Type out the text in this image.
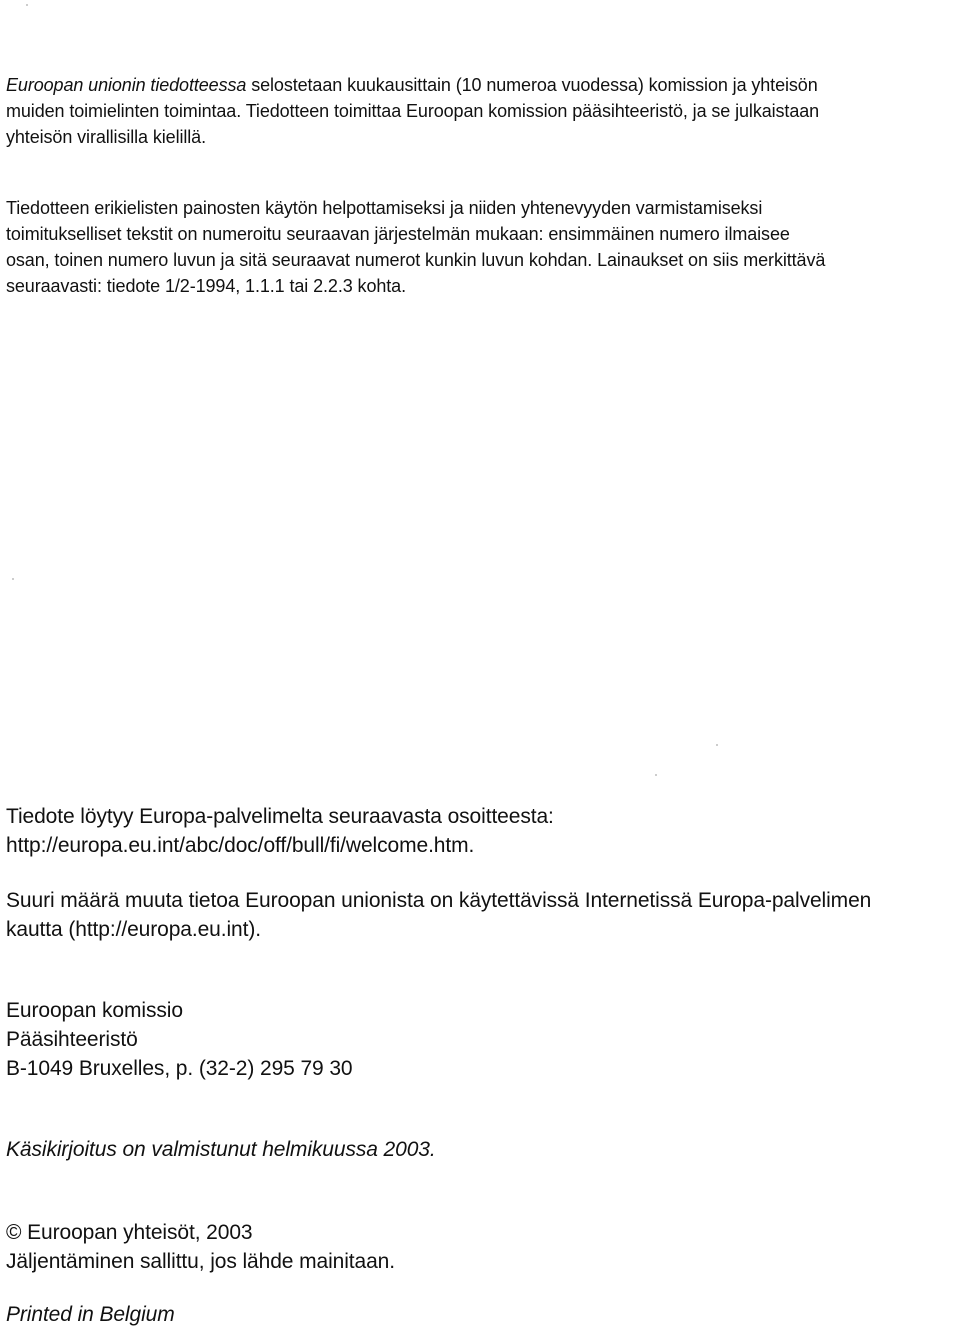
Euroopan unionin tiedotteessa selostetaan kuukausittain (10 numeroa vuodessa) komission ja yhteisön
muiden toimielinten toimintaa. Tiedotteen toimittaa Euroopan komission pääsihteeristö, ja se julkaistaan
yhteisön virallisilla kielillä.
Tiedotteen erikielisten painosten käytön helpottamiseksi ja niiden yhtenevyyden varmistamiseksi
toimitukselliset tekstit on numeroitu seuraavan järjestelmän mukaan: ensimmäinen numero ilmaisee
osan, toinen numero luvun ja sitä seuraavat numerot kunkin luvun kohdan. Lainaukset on siis merkittävä
seuraavasti: tiedote 1/2-1994, 1.1.1 tai 2.2.3 kohta.
Tiedote löytyy Europa-palvelimelta seuraavasta osoitteesta:
http://europa.eu.int/abc/doc/off/bull/fi/welcome.htm.
Suuri määrä muuta tietoa Euroopan unionista on käytettävissä Internetissä Europa-palvelimen
kautta (http://europa.eu.int).
Euroopan komissio
Pääsihteeristö
B-1049 Bruxelles, p. (32-2) 295 79 30
Käsikirjoitus on valmistunut helmikuussa 2003.
© Euroopan yhteisöt, 2003
Jäljentäminen sallittu, jos lähde mainitaan.
Printed in Belgium
